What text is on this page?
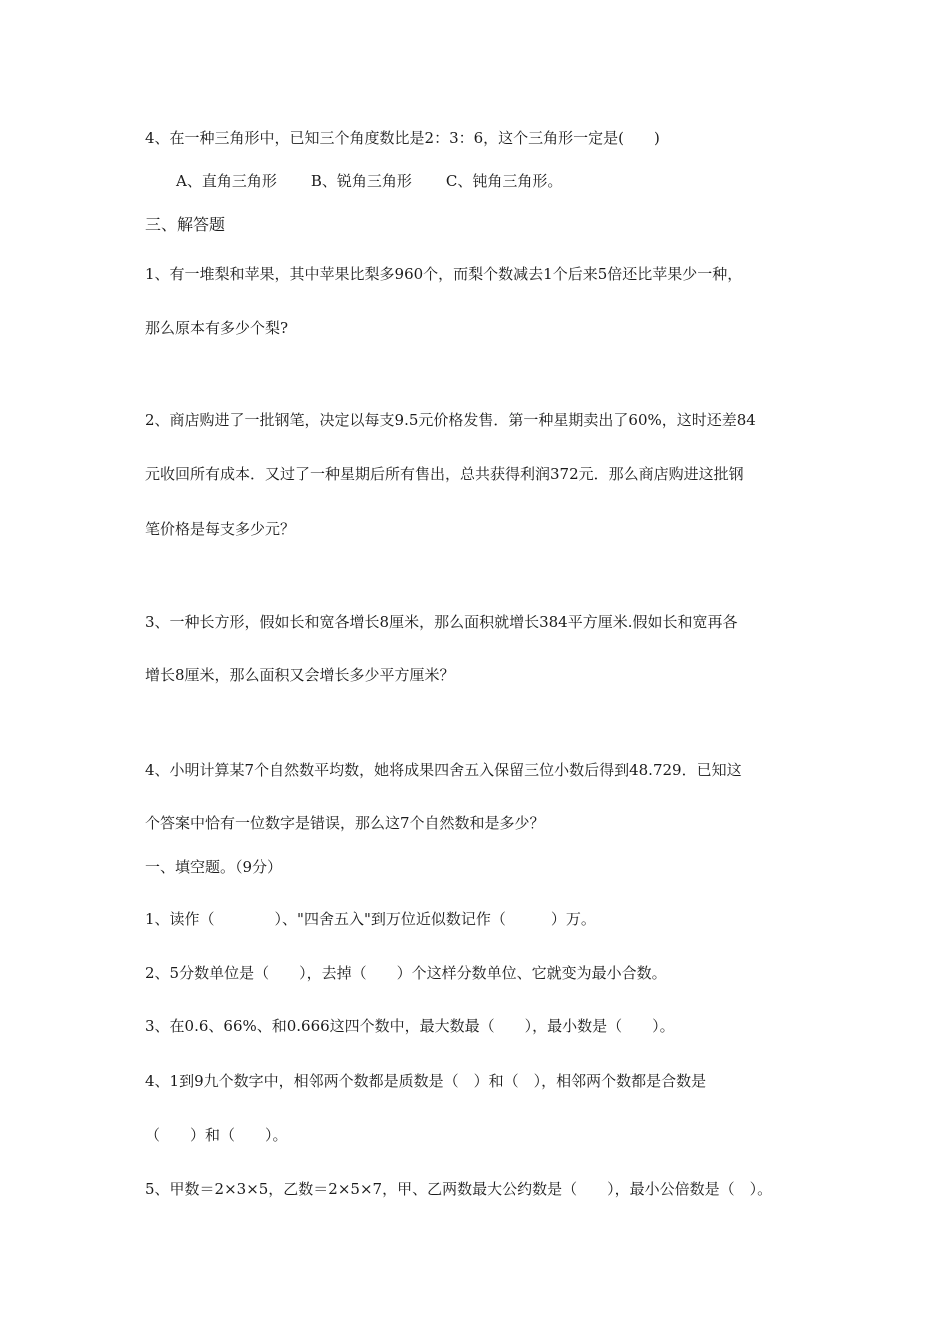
4、在一种三角形中，已知三个角度数比是2：3：6，这个三角形一定是(　　)
A、直角三角形 B、锐角三角形 C、钝角三角形。
三、解答题
1、有一堆梨和苹果，其中苹果比梨多960个，而梨个数减去1个后来5倍还比苹果少一种，
那么原本有多少个梨?
2、商店购进了一批钢笔，决定以每支9.5元价格发售．第一种星期卖出了60%，这时还差84
元收回所有成本．又过了一种星期后所有售出，总共获得利润372元．那么商店购进这批钢
笔价格是每支多少元？
3、一种长方形，假如长和宽各增长8厘米，那么面积就增长384平方厘米.假如长和宽再各
增长8厘米，那么面积又会增长多少平方厘米？
4、小明计算某7个自然数平均数，她将成果四舍五入保留三位小数后得到48.729．已知这
个答案中恰有一位数字是错误，那么这7个自然数和是多少？
一、填空题。（9分）
1、读作（　　　　）、"四舍五入"到万位近似数记作（　　　）万。
2、5分数单位是（　　），去掉（　　）个这样分数单位、它就变为最小合数。
3、在0.6、66%、和0.666这四个数中，最大数最（　　），最小数是（　　）。
4、1到9九个数字中，相邻两个数都是质数是（　）和（　），相邻两个数都是合数是
（　　）和（　　）。
5、甲数＝2×3×5，乙数＝2×5×7，甲、乙两数最大公约数是（　　），最小公倍数是（　）。
